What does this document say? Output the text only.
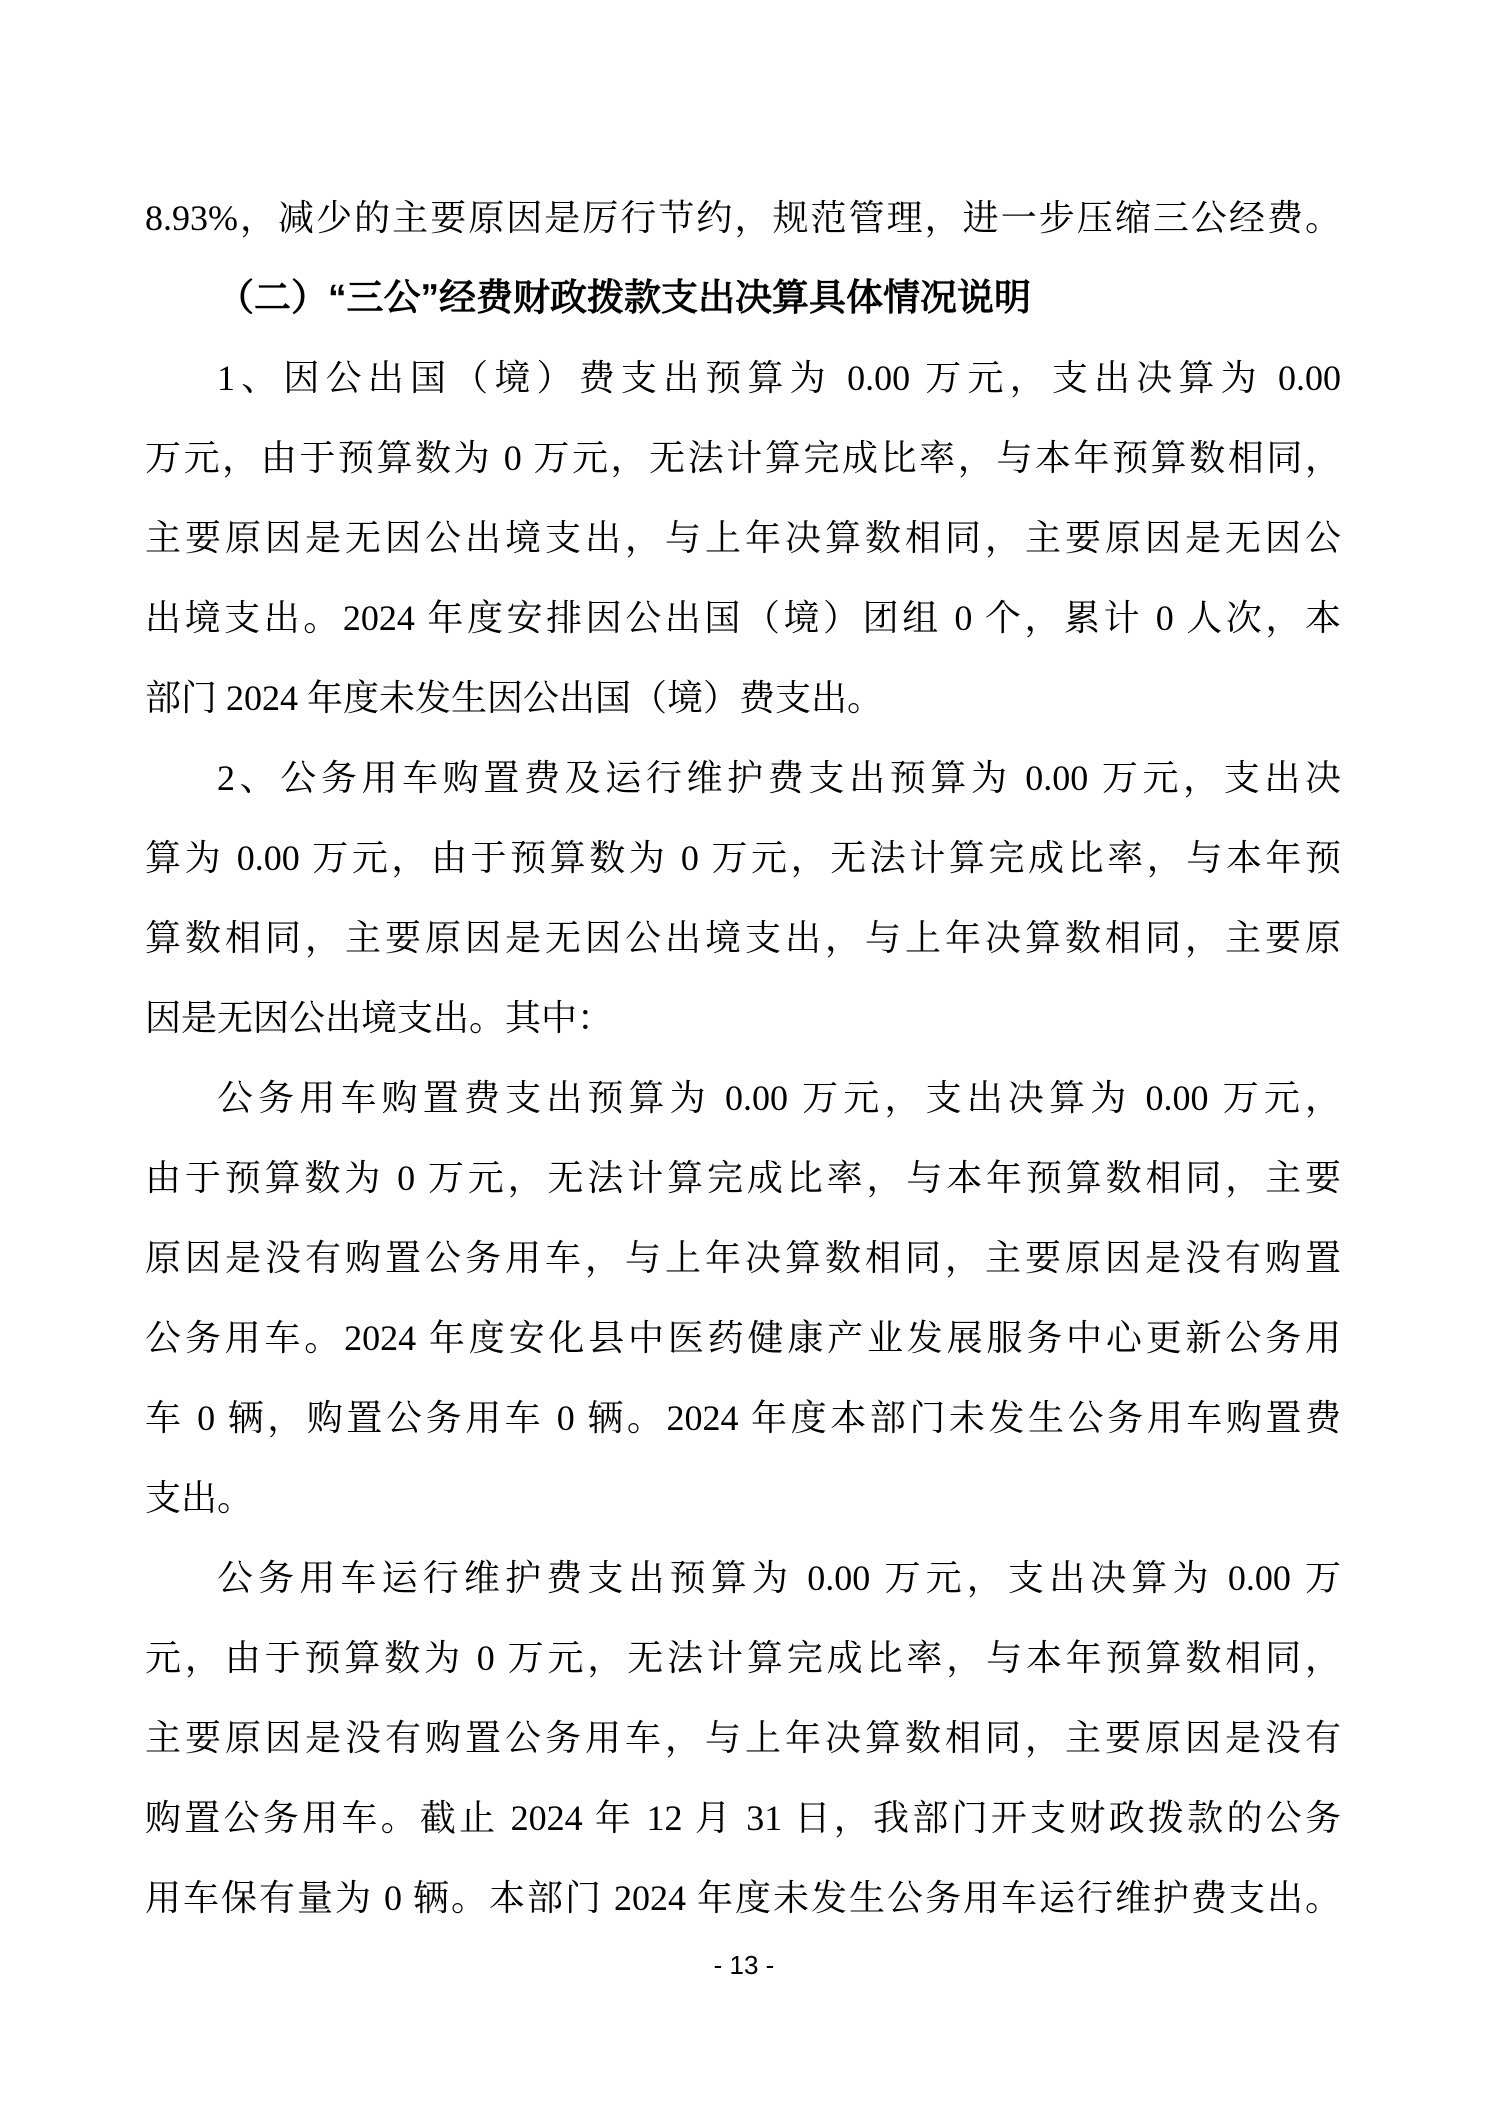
8.93%，减少的主要原因是厉行节约，规范管理，进一步压缩三公经费。
（二）“三公”经费财政拨款支出决算具体情况说明
1、因公出国（境）费支出预算为 0.00 万元，支出决算为 0.00
万元，由于预算数为 0 万元，无法计算完成比率，与本年预算数相同，
主要原因是无因公出境支出，与上年决算数相同，主要原因是无因公
出境支出。2024 年度安排因公出国（境）团组 0 个，累计 0 人次，本
部门 2024 年度未发生因公出国（境）费支出。
2、公务用车购置费及运行维护费支出预算为 0.00 万元，支出决
算为 0.00 万元，由于预算数为 0 万元，无法计算完成比率，与本年预
算数相同，主要原因是无因公出境支出，与上年决算数相同，主要原
因是无因公出境支出。其中：
公务用车购置费支出预算为 0.00 万元，支出决算为 0.00 万元，
由于预算数为 0 万元，无法计算完成比率，与本年预算数相同，主要
原因是没有购置公务用车，与上年决算数相同，主要原因是没有购置
公务用车。2024 年度安化县中医药健康产业发展服务中心更新公务用
车 0 辆，购置公务用车 0 辆。2024 年度本部门未发生公务用车购置费
支出。
公务用车运行维护费支出预算为 0.00 万元，支出决算为 0.00 万
元，由于预算数为 0 万元，无法计算完成比率，与本年预算数相同，
主要原因是没有购置公务用车，与上年决算数相同，主要原因是没有
购置公务用车。截止 2024 年 12 月 31 日，我部门开支财政拨款的公务
用车保有量为 0 辆。本部门 2024 年度未发生公务用车运行维护费支出。
- 13 -
